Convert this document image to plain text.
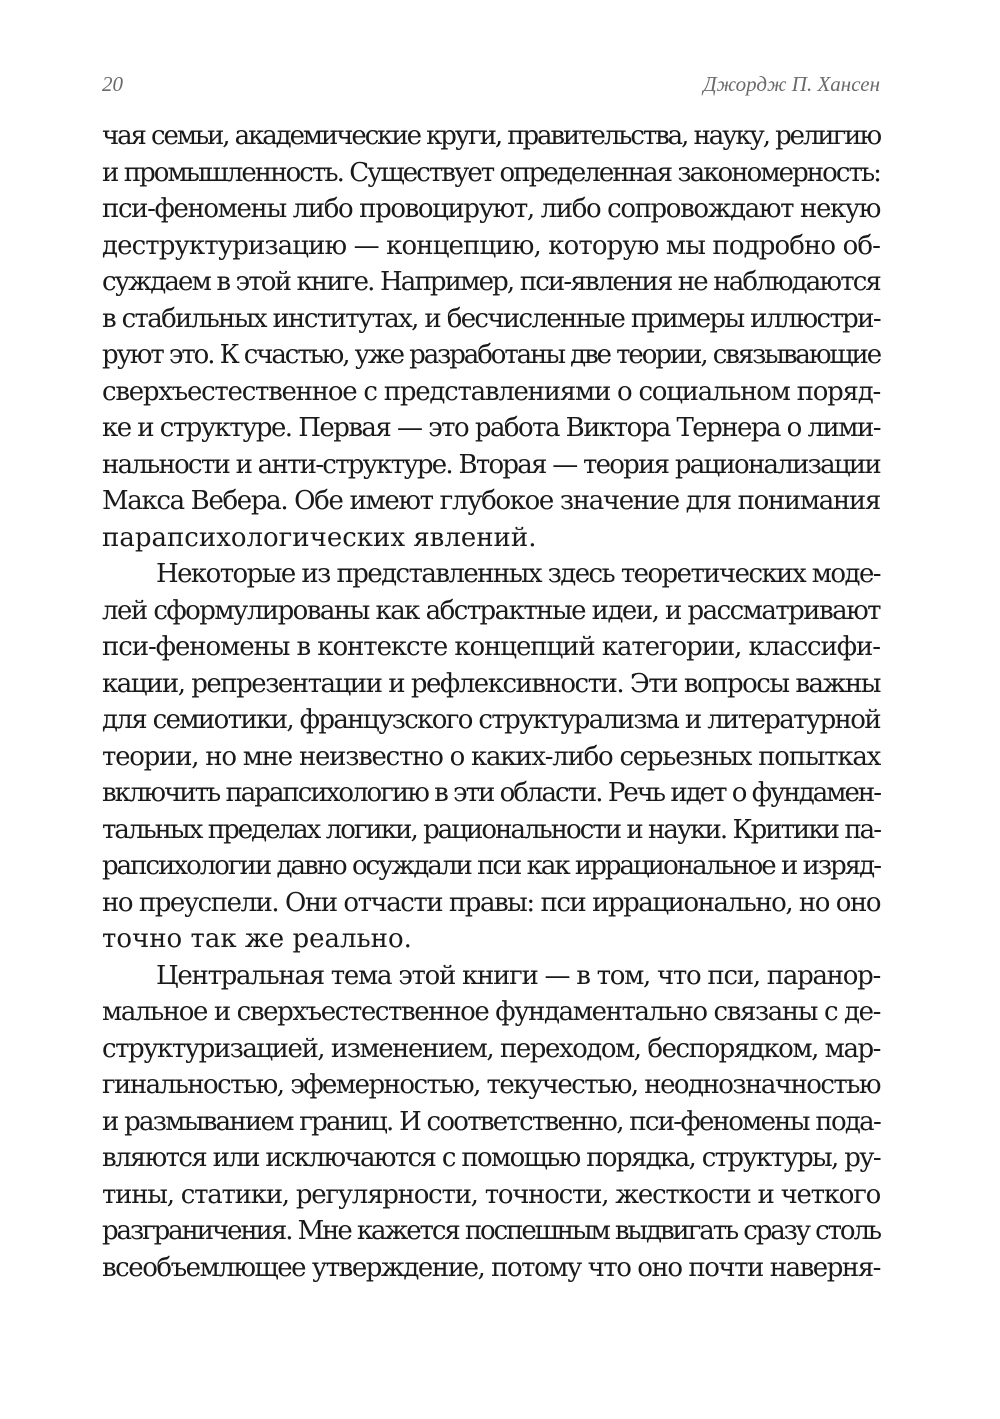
20	Джордж П. Хансен
чая семьи, академические круги, правительства, науку, религию
и промышленность. Существует определенная закономерность:
пси-феномены либо провоцируют, либо сопровождают некую
деструктуризацию — концепцию, которую мы подробно об-
суждаем в этой книге. Например, пси-явления не наблюдаются
в стабильных институтах, и бесчисленные примеры иллюстри-
руют это. К счастью, уже разработаны две теории, связывающие
сверхъестественное с представлениями о социальном поряд-
ке и структуре. Первая — это работа Виктора Тернера о лими-
нальности и анти-структуре. Вторая — теория рационализации
Макса Вебера. Обе имеют глубокое значение для понимания
парапсихологических явлений.
Некоторые из представленных здесь теоретических моде-
лей сформулированы как абстрактные идеи, и рассматривают
пси-феномены в контексте концепций категории, классифи-
кации, репрезентации и рефлексивности. Эти вопросы важны
для семиотики, французского структурализма и литературной
теории, но мне неизвестно о каких-либо серьезных попытках
включить парапсихологию в эти области. Речь идет о фундамен-
тальных пределах логики, рациональности и науки. Критики па-
рапсихологии давно осуждали пси как иррациональное и изряд-
но преуспели. Они отчасти правы: пси иррационально, но оно
точно так же реально.
Центральная тема этой книги — в том, что пси, паранор-
мальное и сверхъестественное фундаментально связаны с де-
структуризацией, изменением, переходом, беспорядком, мар-
гинальностью, эфемерностью, текучестью, неоднозначностью
и размыванием границ. И соответственно, пси-феномены пода-
вляются или исключаются с помощью порядка, структуры, ру-
тины, статики, регулярности, точности, жесткости и четкого
разграничения. Мне кажется поспешным выдвигать сразу столь
всеобъемлющее утверждение, потому что оно почти наверня-
